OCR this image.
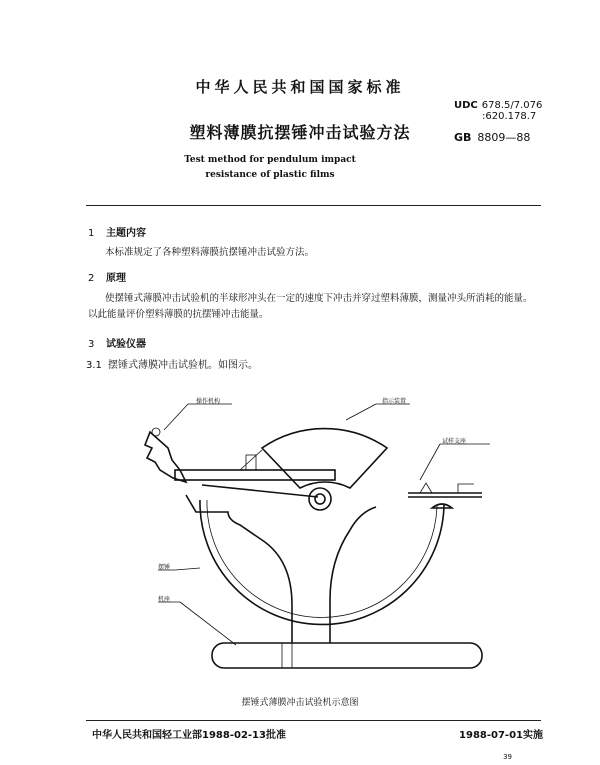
中华人民共和国国家标准
UDC 678.5/7.076
:620.178.7
塑料薄膜抗摆锤冲击试验方法	GB 8809—88
Test method for pendulum impact
resistance of plastic films
1 主题内容
本标准规定了各种塑料薄膜抗摆锤冲击试验方法。
2 原理
使摆锤式薄膜冲击试验机的半球形冲头在一定的速度下冲击并穿过塑料薄膜，测量冲头所消耗的能量。以此能量评价塑料薄膜的抗摆锤冲击能量。
3 试验仪器
3.1 摆锤式薄膜冲击试验机。如图示。
操作机构	指示装置
试样支座
摆锤
机座
摆锤式薄膜冲击试验机示意图
中华人民共和国轻工业部1988-02-13批准	1988-07-01实施
39
